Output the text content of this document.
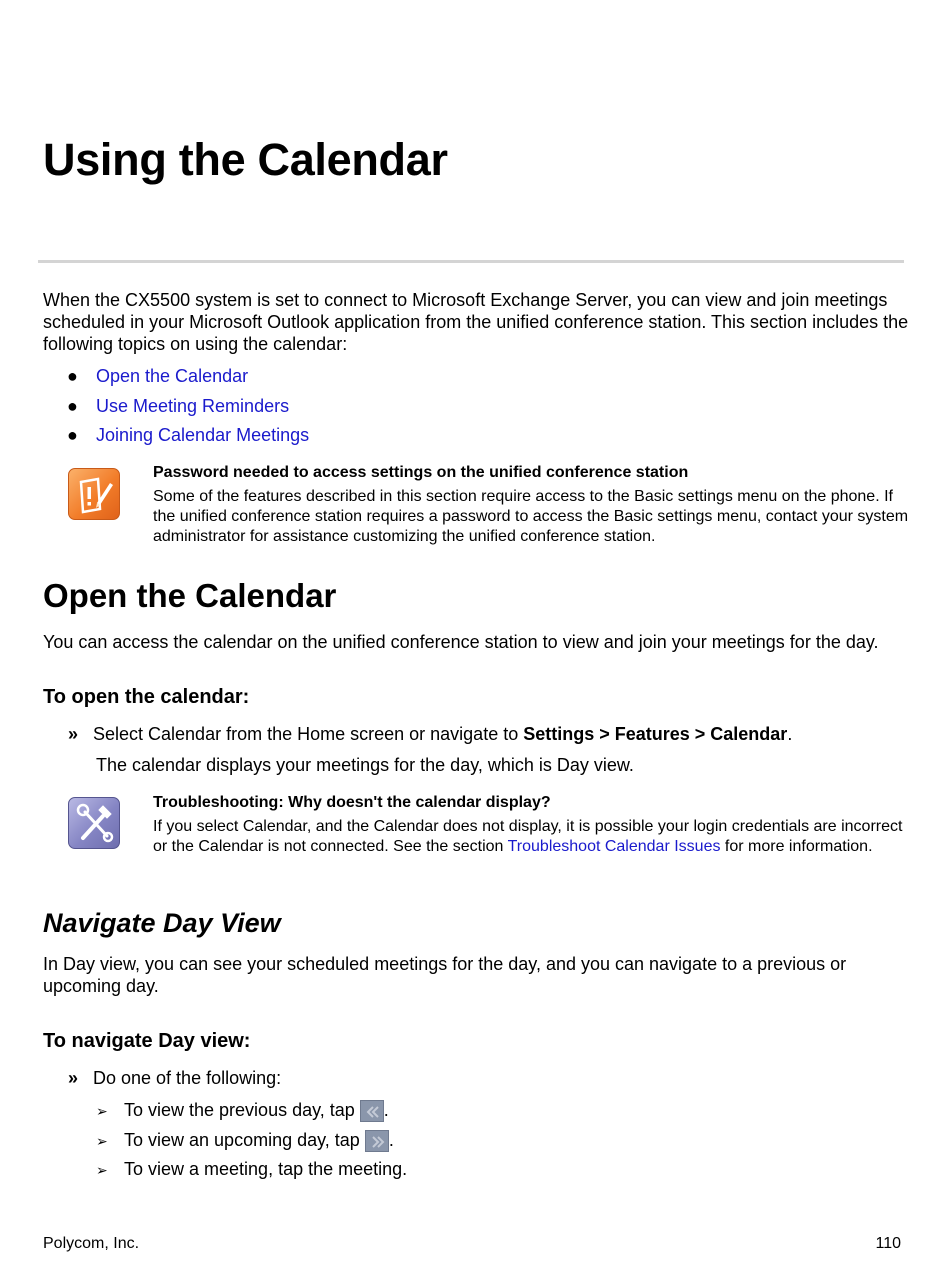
Using the Calendar

When the CX5500 system is set to connect to Microsoft Exchange Server, you can view and join meetings scheduled in your Microsoft Outlook application from the unified conference station. This section includes the following topics on using the calendar:

● Open the Calendar
● Use Meeting Reminders
● Joining Calendar Meetings

Password needed to access settings on the unified conference station

Some of the features described in this section require access to the Basic settings menu on the phone. If the unified conference station requires a password to access the Basic settings menu, contact your system administrator for assistance customizing the unified conference station.

Open the Calendar

You can access the calendar on the unified conference station to view and join your meetings for the day.

To open the calendar:

» Select Calendar from the Home screen or navigate to Settings > Features > Calendar.

The calendar displays your meetings for the day, which is Day view.

Troubleshooting: Why doesn't the calendar display?

If you select Calendar, and the Calendar does not display, it is possible your login credentials are incorrect or the Calendar is not connected. See the section Troubleshoot Calendar Issues for more information.

Navigate Day View

In Day view, you can see your scheduled meetings for the day, and you can navigate to a previous or upcoming day.

To navigate Day view:

» Do one of the following:

➢ To view the previous day, tap
.
➢ To view an upcoming day, tap
.
➢ To view a meeting, tap the meeting.

Polycom, Inc.	110
